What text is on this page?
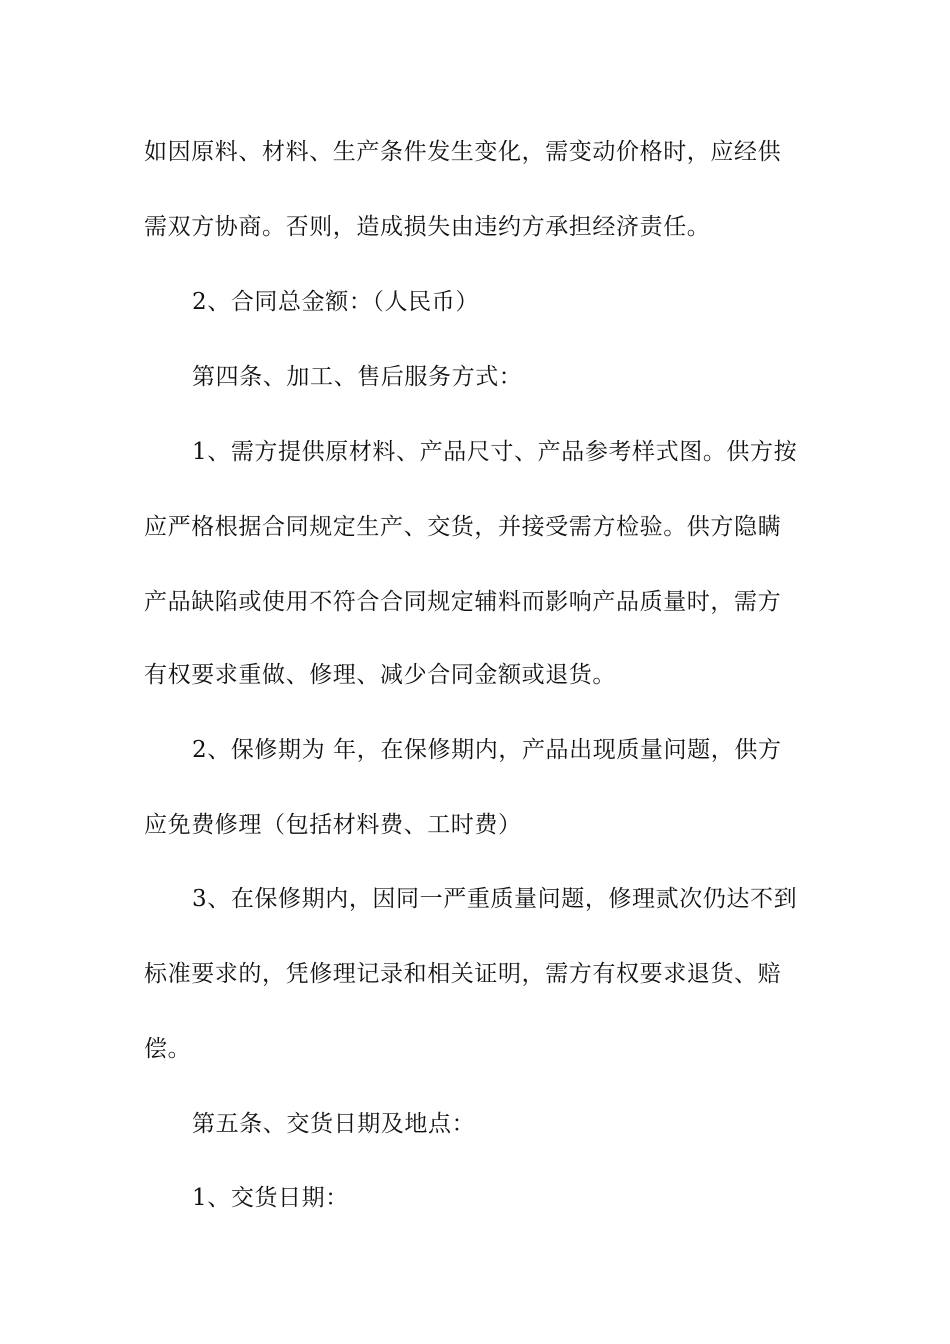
如因原料、材料、生产条件发生变化，需变动价格时，应经供
需双方协商。否则，造成损失由违约方承担经济责任。
2、合同总金额：（人民币）
第四条、加工、售后服务方式：
1、需方提供原材料、产品尺寸、产品参考样式图。供方按
应严格根据合同规定生产、交货，并接受需方检验。供方隐瞒
产品缺陷或使用不符合合同规定辅料而影响产品质量时，需方
有权要求重做、修理、减少合同金额或退货。
2、保修期为 年，在保修期内，产品出现质量问题，供方
应免费修理（包括材料费、工时费）
3、在保修期内，因同一严重质量问题，修理贰次仍达不到
标准要求的，凭修理记录和相关证明，需方有权要求退货、赔
偿。
第五条、交货日期及地点：
1、交货日期：
